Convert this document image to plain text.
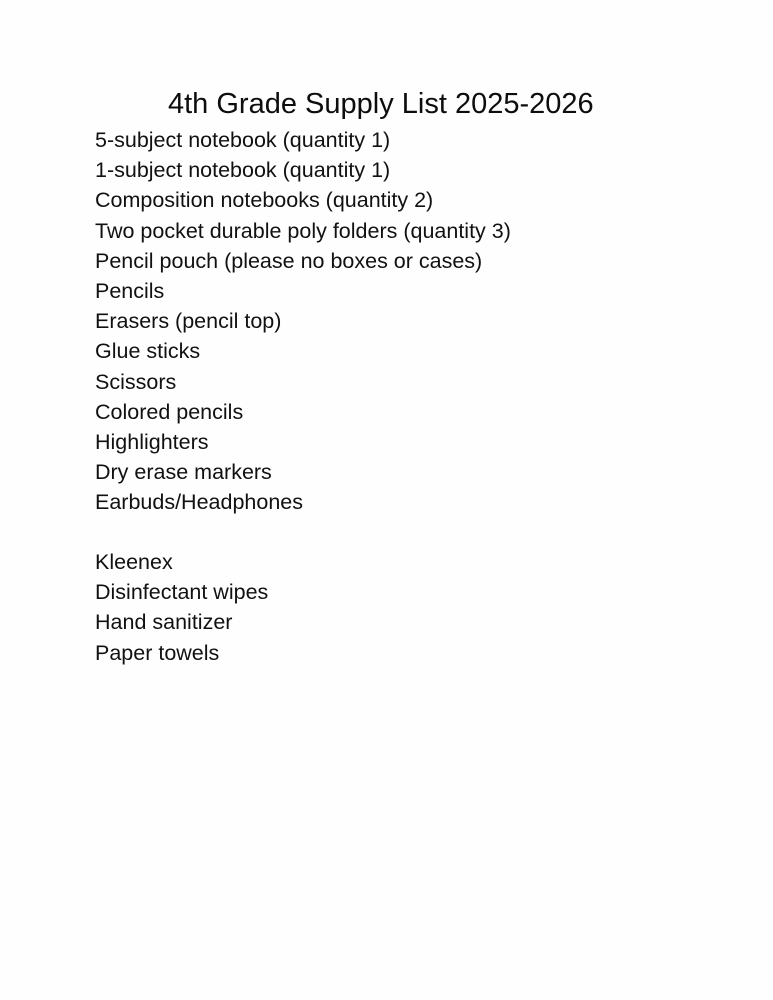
4th Grade Supply List 2025-2026
5-subject notebook (quantity 1)
1-subject notebook (quantity 1)
Composition notebooks (quantity 2)
Two pocket durable poly folders (quantity 3)
Pencil pouch (please no boxes or cases)
Pencils
Erasers (pencil top)
Glue sticks
Scissors
Colored pencils
Highlighters
Dry erase markers
Earbuds/Headphones
Kleenex
Disinfectant wipes
Hand sanitizer
Paper towels
